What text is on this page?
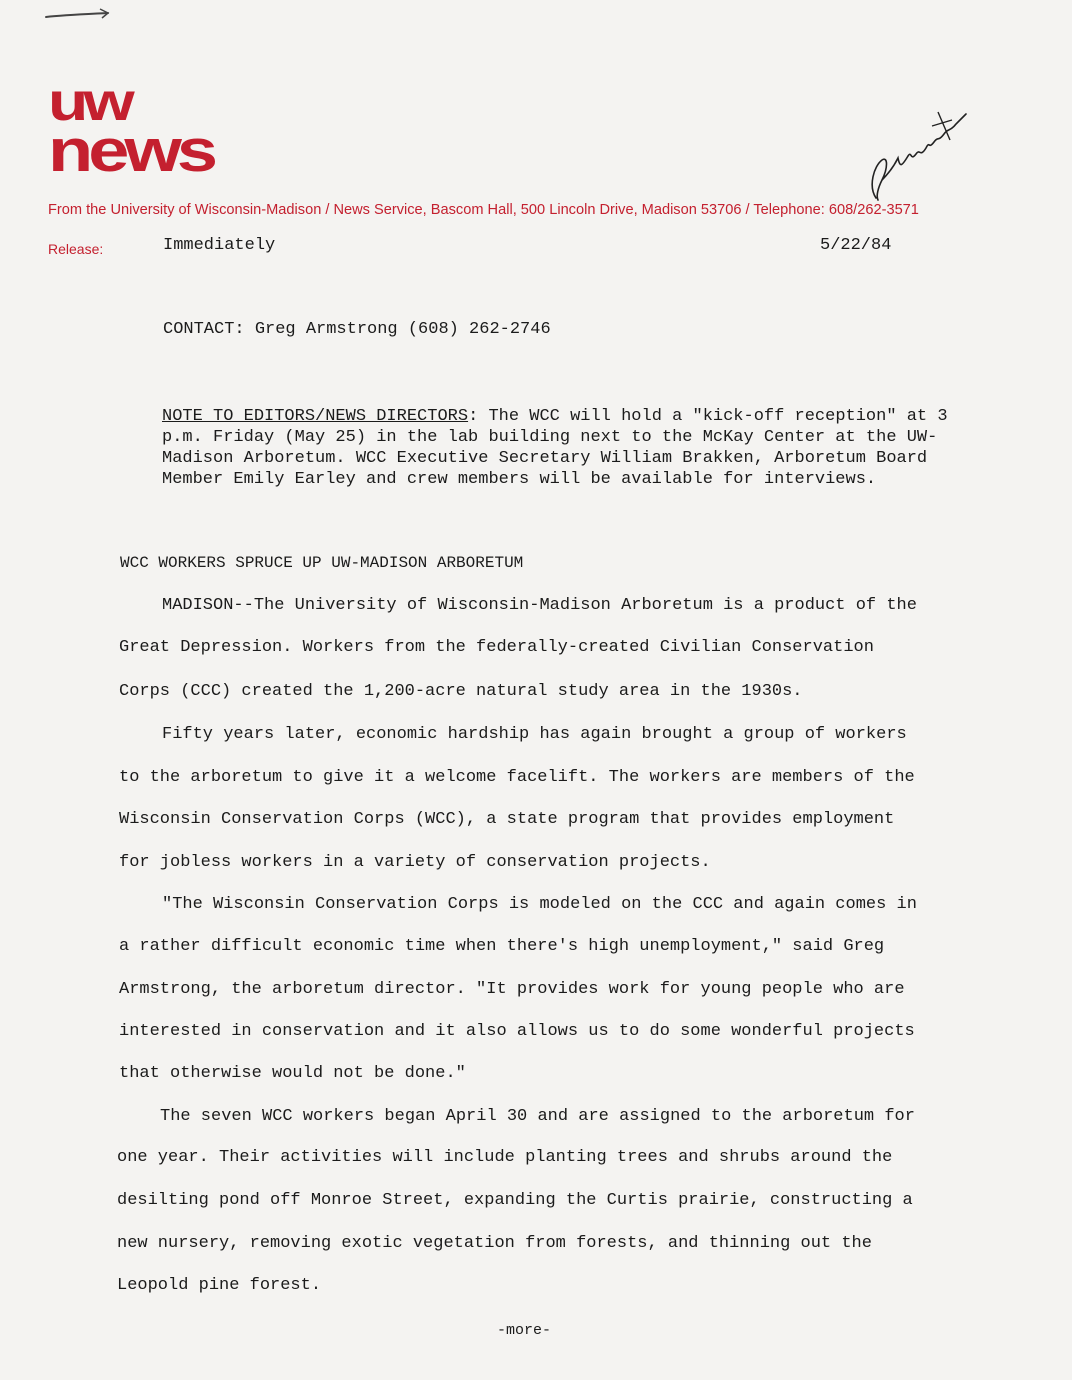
uw
news
From the University of Wisconsin-Madison / News Service, Bascom Hall, 500 Lincoln Drive, Madison 53706 / Telephone: 608/262-3571
Release:	Immediately	5/22/84
CONTACT: Greg Armstrong (608) 262-2746
NOTE TO EDITORS/NEWS DIRECTORS: The WCC will hold a "kick-off reception" at 3 p.m. Friday (May 25) in the lab building next to the McKay Center at the UW-Madison Arboretum. WCC Executive Secretary William Brakken, Arboretum Board Member Emily Earley and crew members will be available for interviews.
WCC WORKERS SPRUCE UP UW-MADISON ARBORETUM
MADISON--The University of Wisconsin-Madison Arboretum is a product of the
Great Depression. Workers from the federally-created Civilian Conservation
Corps (CCC) created the 1,200-acre natural study area in the 1930s.
Fifty years later, economic hardship has again brought a group of workers
to the arboretum to give it a welcome facelift. The workers are members of the
Wisconsin Conservation Corps (WCC), a state program that provides employment
for jobless workers in a variety of conservation projects.
"The Wisconsin Conservation Corps is modeled on the CCC and again comes in
a rather difficult economic time when there's high unemployment," said Greg
Armstrong, the arboretum director. "It provides work for young people who are
interested in conservation and it also allows us to do some wonderful projects
that otherwise would not be done."
The seven WCC workers began April 30 and are assigned to the arboretum for
one year. Their activities will include planting trees and shrubs around the
desilting pond off Monroe Street, expanding the Curtis prairie, constructing a
new nursery, removing exotic vegetation from forests, and thinning out the
Leopold pine forest.
-more-
